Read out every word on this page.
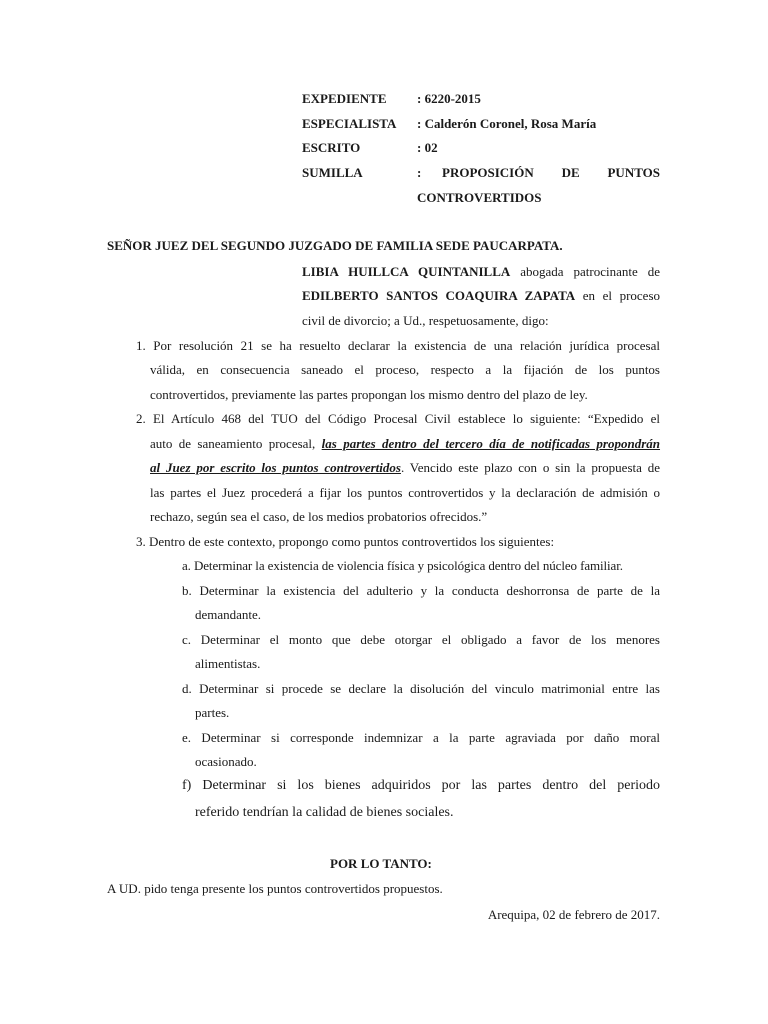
EXPEDIENTE : 6220-2015
ESPECIALISTA : Calderón Coronel, Rosa María
ESCRITO	: 02
SUMILLA	: PROPOSICIÓN DE PUNTOS
CONTROVERTIDOS
SEÑOR JUEZ DEL SEGUNDO JUZGADO DE FAMILIA SEDE PAUCARPATA.
LIBIA HUILLCA QUINTANILLA abogada patrocinante de
EDILBERTO SANTOS COAQUIRA ZAPATA en el proceso
civil de divorcio; a Ud., respetuosamente, digo:
1. Por resolución 21 se ha resuelto declarar la existencia de una relación jurídica procesal
válida, en consecuencia saneado el proceso, respecto a la fijación de los puntos
controvertidos, previamente las partes propongan los mismo dentro del plazo de ley.
2. El Artículo 468 del TUO del Código Procesal Civil establece lo siguiente: “Expedido el
auto de saneamiento procesal, las partes dentro del tercero día de notificadas propondrán
al Juez por escrito los puntos controvertidos. Vencido este plazo con o sin la propuesta de
las partes el Juez procederá a fijar los puntos controvertidos y la declaración de admisión o
rechazo, según sea el caso, de los medios probatorios ofrecidos.”
3. Dentro de este contexto, propongo como puntos controvertidos los siguientes:
a. Determinar la existencia de violencia física y psicológica dentro del núcleo familiar.
b. Determinar la existencia del adulterio y la conducta deshorronsa de parte de la
demandante.
c. Determinar el monto que debe otorgar el obligado a favor de los menores
alimentistas.
d. Determinar si procede se declare la disolución del vinculo matrimonial entre las
partes.
e. Determinar si corresponde indemnizar a la parte agraviada por daño moral
ocasionado.
f) Determinar si los bienes adquiridos por las partes dentro del periodo
referido tendrían la calidad de bienes sociales.
POR LO TANTO:
A UD. pido tenga presente los puntos controvertidos propuestos.
Arequipa, 02 de febrero de 2017.
